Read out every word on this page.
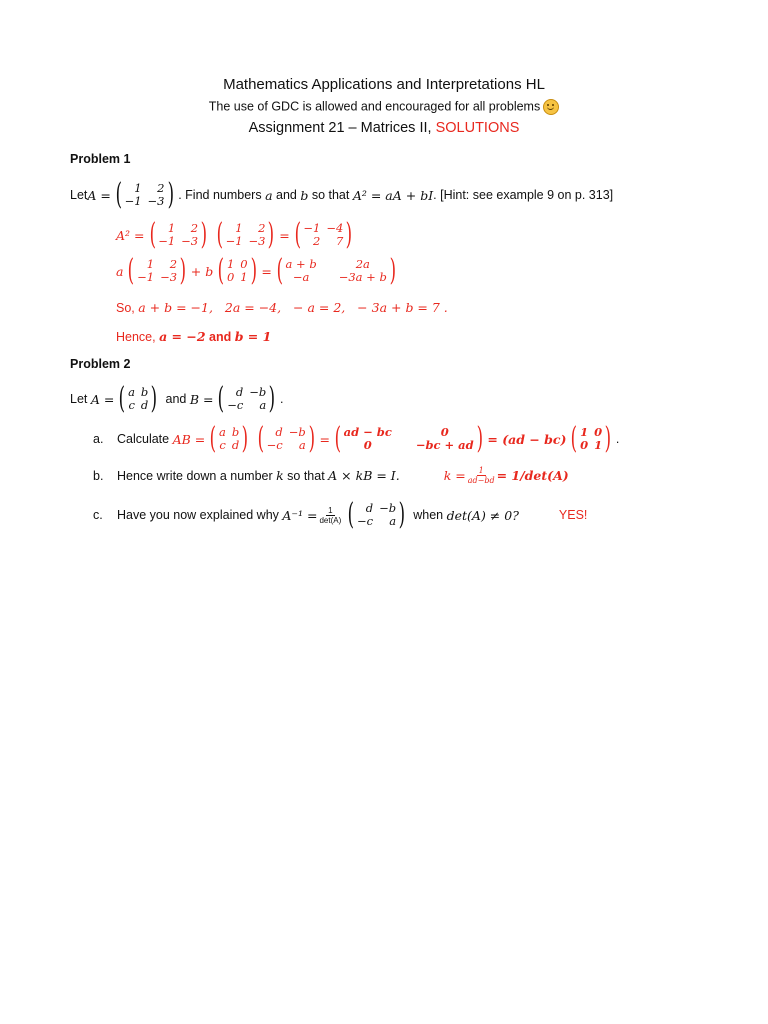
Mathematics Applications and Interpretations HL
The use of GDC is allowed and encouraged for all problems
Assignment 21 – Matrices II, SOLUTIONS
Problem 1
Let A = (	1	2
−1 −3 ) . Find numbers
a and b so that A² = aA + bI . [Hint: see example 9 on p. 313]
A² = (	1	2
−1 −3 ) (	1	2
−1 −3 ) = ( −1 −4
2	7 )
a (	1	2
−1 −3 ) + b ( 1 0
0 1 ) = ( a + b	2a
−a	−3a + b )
So, a + b = −1,   2a = −4,   − a = 2,   − 3a + b = 7 .
Hence, a = −2 and b = 1
Problem 2
Let A = ( a b
c d ) and B = ( d −b
−c	a ) .
a.	Calculate AB = ( a b
c d ) ( d −b
−c	a ) = ( ad − bc	0
0	−bc + ad ) = (ad − bc) ( 1 0
0 1 ) .
b.	Hence write down a number k so that A × kB = I.	$k = \frac{1}{ad-bd} = 1/\det(A)$
c.	Have you now explained why $A^{-1} = \frac{1}{\det(A)}$ ( d −b
−c	a ) when det(A) ≠ 0?	YES!
